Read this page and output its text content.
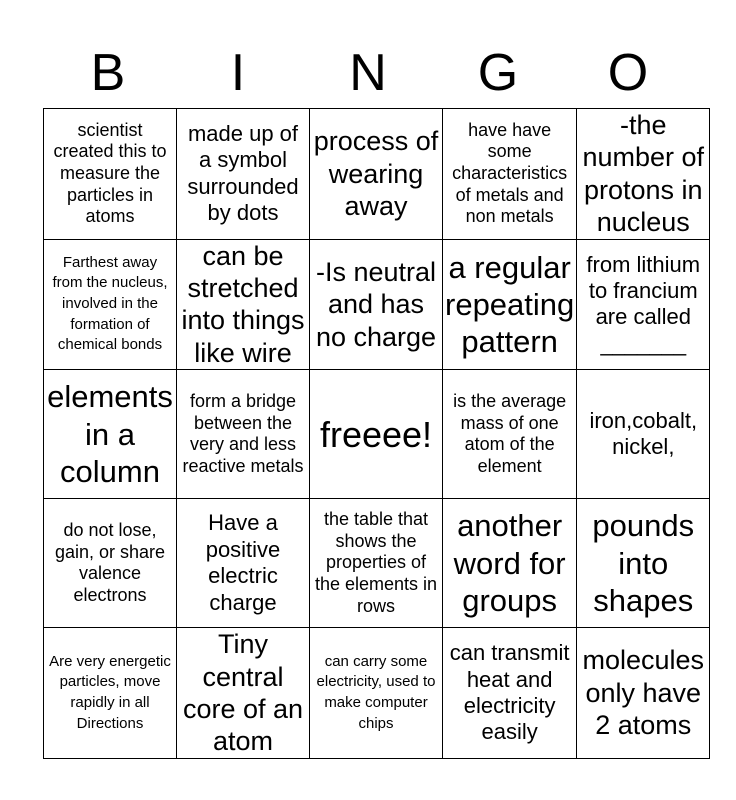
B	I	N	G	O
scientist created this to measure the particles in atoms	made up of a symbol surrounded by dots	process of wearing away	have have some characteristics of metals and non metals	-the number of protons in nucleus

Farthest away from the nucleus, involved in the formation of chemical bonds	can be stretched into things like wire	-Is neutral and has no charge	a regular repeating pattern	from lithium to francium are called _______

elements in a column	form a bridge between the very and less reactive metals	freeee!	is the average mass of one atom of the element	iron,cobalt, nickel,

do not lose, gain, or share valence electrons	Have a positive electric charge	the table that shows the properties of the elements in rows	another word for groups	pounds into shapes

Are very energetic particles, move rapidly in all Directions	Tiny central core of an atom	can carry some electricity, used to make computer chips	can transmit heat and electricity easily	molecules only have 2 atoms
